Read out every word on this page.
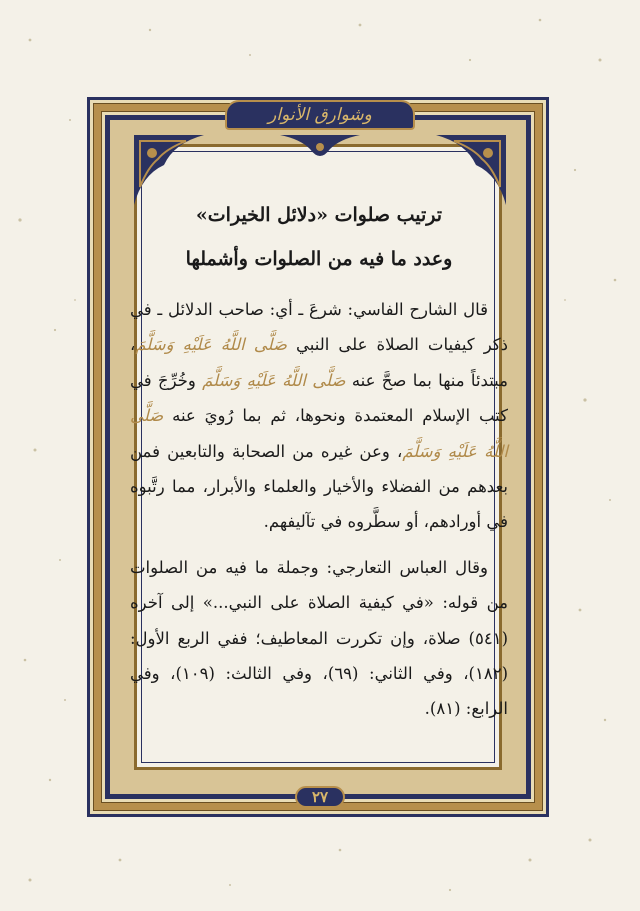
وشوارق الأنوار

ترتيب صلوات «دلائل الخيرات»

وعدد ما فيه من الصلوات وأشملها

قال الشارح الفاسي: شرعَ ـ أي: صاحب الدلائل ـ في ذكر كيفيات الصلاة على النبي صَلَّى اللَّهُ عَلَيْهِ وَسَلَّمَ، مبتدئاً منها بما صحَّ عنه صَلَّى اللَّهُ عَلَيْهِ وَسَلَّمَ وخُرِّجَ في كتب الإسلام المعتمدة ونحوها، ثم بما رُويَ عنه صَلَّى اللَّهُ عَلَيْهِ وَسَلَّمَ، وعن غيره من الصحابة والتابعين فمن بعدهم من الفضلاء والأخيار والعلماء والأبرار، مما رتَّبوه في أورادهم، أو سطَّروه في تآليفهم.

وقال العباس التعارجي: وجملة ما فيه من الصلوات من قوله: «في كيفية الصلاة على النبي...» إلى آخره (٥٤١) صلاة، وإن تكررت المعاطيف؛ ففي الربع الأول: (١٨٢)، وفي الثاني: (٦٩)، وفي الثالث: (١٠٩)، وفي الرابع: (٨١).

٢٧
